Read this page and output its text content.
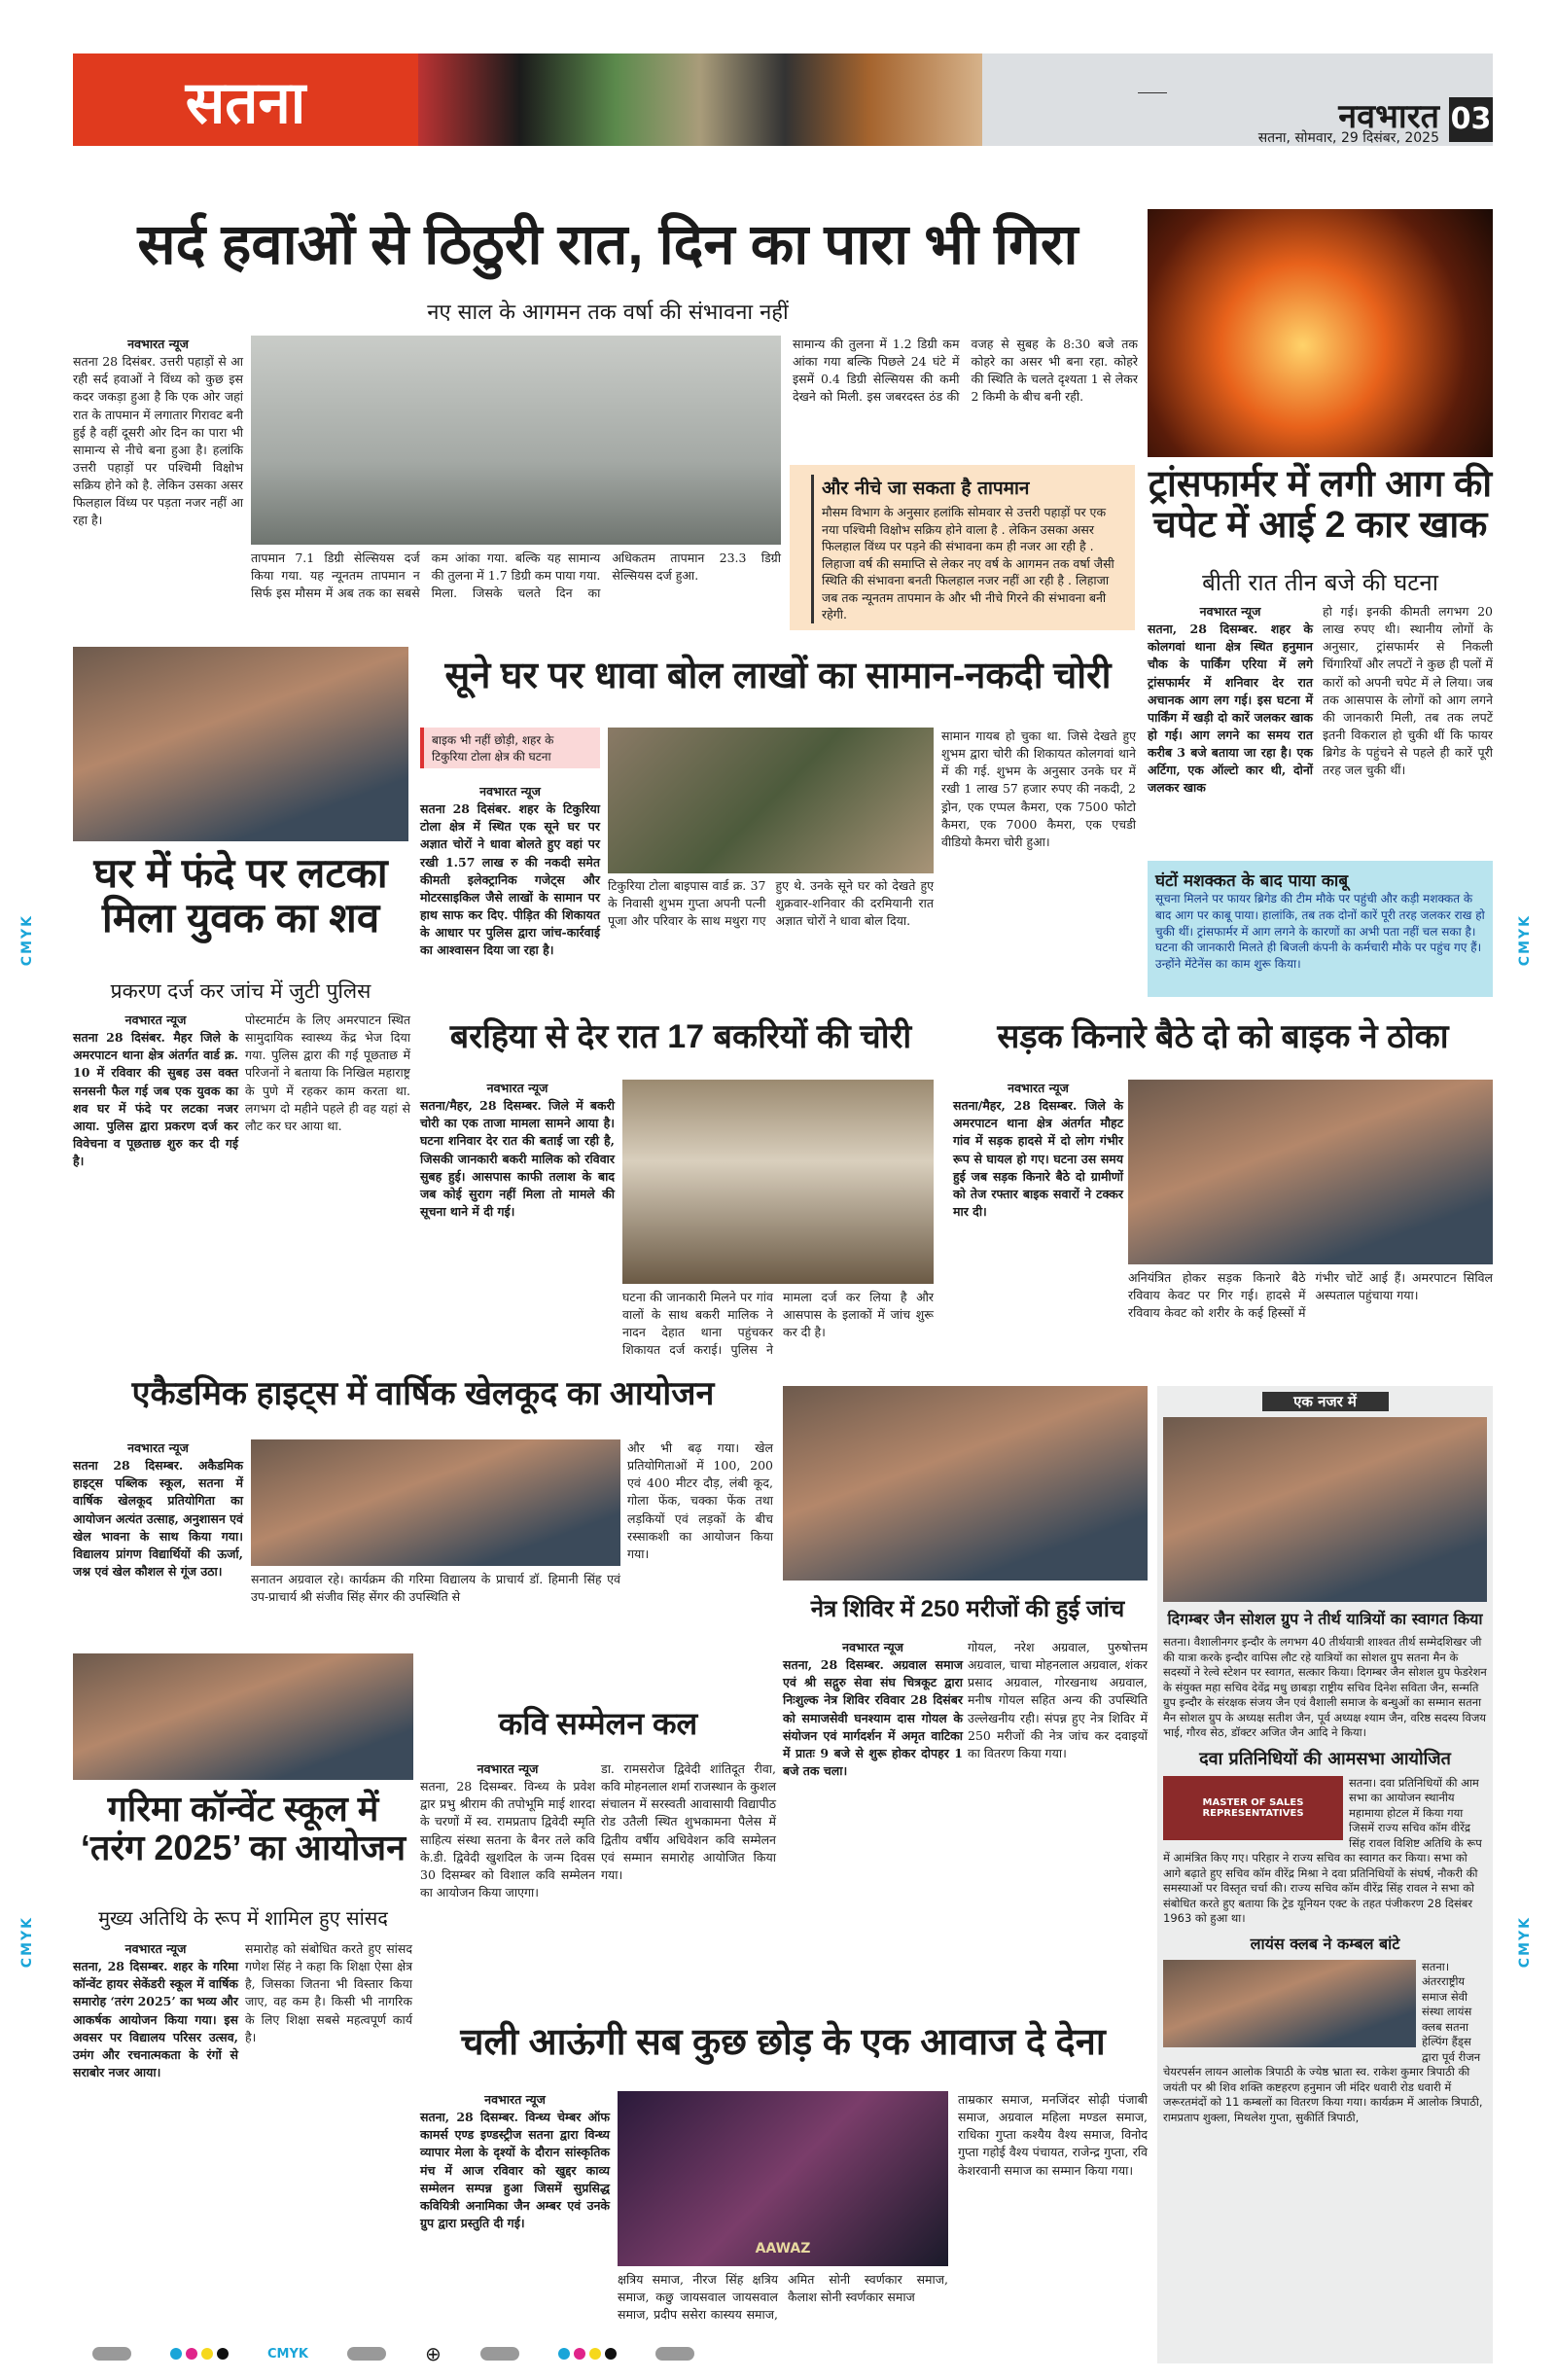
सतना	नवभारत
सतना, सोमवार, 29 दिसंबर, 2025
03
सर्द हवाओं से ठिठुरी रात, दिन का पारा भी गिरा
नए साल के आगमन तक वर्षा की संभावना नहीं
नवभारत न्यूज
सतना 28 दिसंबर. उत्तरी पहाड़ों से आ रही सर्द हवाओं ने विंध्य को कुछ इस कदर जकड़ा हुआ है कि एक ओर जहां रात के तापमान में लगातार गिरावट बनी हुई है वहीं दूसरी ओर दिन का पारा भी सामान्य से नीचे बना हुआ है। हलांकि उत्तरी पहाड़ों पर पश्चिमी विक्षोभ सक्रिय होने को है. लेकिन उसका असर फिलहाल विंध्य पर पड़ता नजर नहीं आ रहा है।
तापमान 7.1 डिग्री सेल्सियस दर्ज किया गया. यह न्यूनतम तापमान न सिर्फ इस मौसम में अब तक का सबसे कम आंका गया. बल्कि यह सामान्य की तुलना में 1.7 डिग्री कम पाया गया. मिला. जिसके चलते दिन का अधिकतम तापमान 23.3 डिग्री सेल्सियस दर्ज हुआ.
सामान्य की तुलना में 1.2 डिग्री कम आंका गया बल्कि पिछले 24 घंटे में इसमें 0.4 डिग्री सेल्सियस की कमी देखने को मिली. इस जबरदस्त ठंड की वजह से सुबह के 8:30 बजे तक कोहरे का असर भी बना रहा. कोहरे की स्थिति के चलते दृश्यता 1 से लेकर 2 किमी के बीच बनी रही.
और नीचे जा सकता है तापमान
मौसम विभाग के अनुसार हलांकि सोमवार से उत्तरी पहाड़ों पर एक नया पश्चिमी विक्षोभ सक्रिय होने वाला है . लेकिन उसका असर फिलहाल विंध्य पर पड़ने की संभावना कम ही नजर आ रही है . लिहाजा वर्ष की समाप्ति से लेकर नए वर्ष के आगमन तक वर्षा जैसी स्थिति की संभावना बनती फिलहाल नजर नहीं आ रही है . लिहाजा जब तक न्यूनतम तापमान के और भी नीचे गिरने की संभावना बनी रहेगी.
ट्रांसफार्मर में लगी आग की चपेट में आई 2 कार खाक
बीती रात तीन बजे की घटना
नवभारत न्यूज
सतना, 28 दिसम्बर. शहर के कोलगवां थाना क्षेत्र स्थित हनुमान चौक के पार्किंग एरिया में लगे ट्रांसफार्मर में शनिवार देर रात अचानक आग लग गई। इस घटना में पार्किंग में खड़ी दो कारें जलकर खाक हो गई। आग लगने का समय रात करीब 3 बजे बताया जा रहा है। एक अर्टिगा, एक ऑल्टो कार थी, दोनों जलकर खाक
हो गई। इनकी कीमती लगभग 20 लाख रुपए थी। स्थानीय लोगों के अनुसार, ट्रांसफार्मर से निकली चिंगारियाँ और लपटों ने कुछ ही पलों में कारों को अपनी चपेट में ले लिया। जब तक आसपास के लोगों को आग लगने की जानकारी मिली, तब तक लपटें इतनी विकराल हो चुकी थीं कि फायर ब्रिगेड के पहुंचने से पहले ही कारें पूरी तरह जल चुकी थीं।
घंटों मशक्कत के बाद पाया काबू
सूचना मिलने पर फायर ब्रिगेड की टीम मौके पर पहुंची और कड़ी मशक्कत के बाद आग पर काबू पाया। हालांकि, तब तक दोनों कारें पूरी तरह जलकर राख हो चुकी थीं। ट्रांसफार्मर में आग लगने के कारणों का अभी पता नहीं चल सका है। घटना की जानकारी मिलते ही बिजली कंपनी के कर्मचारी मौके पर पहुंच गए हैं। उन्होंने मेंटेनेंस का काम शुरू किया।
घर में फंदे पर लटका मिला युवक का शव
प्रकरण दर्ज कर जांच में जुटी पुलिस
नवभारत न्यूज
सतना 28 दिसंबर. मैहर जिले के अमरपाटन थाना क्षेत्र अंतर्गत वार्ड क्र. 10 में रविवार की सुबह उस वक्त सनसनी फैल गई जब एक युवक का शव घर में फंदे पर लटका नजर आया. पुलिस द्वारा प्रकरण दर्ज कर विवेचना व पूछताछ शुरु कर दी गई है।
पोस्टमार्टम के लिए अमरपाटन स्थित सामुदायिक स्वास्थ्य केंद्र भेज दिया गया. पुलिस द्वारा की गई पूछताछ में परिजनों ने बताया कि निखिल महाराष्ट्र के पुणे में रहकर काम करता था. लगभग दो महीने पहले ही वह यहां से लौट कर घर आया था.
सूने घर पर धावा बोल लाखों का सामान-नकदी चोरी
बाइक भी नहीं छोड़ी, शहर के टिकुरिया टोला क्षेत्र की घटना
नवभारत न्यूज
सतना 28 दिसंबर. शहर के टिकुरिया टोला क्षेत्र में स्थित एक सूने घर पर अज्ञात चोरों ने धावा बोलते हुए वहां पर रखी 1.57 लाख रु की नकदी समेत कीमती इलेक्ट्रानिक गजेट्स और मोटरसाइकिल जैसे लाखों के सामान पर हाथ साफ कर दिए. पीड़ित की शिकायत के आधार पर पुलिस द्वारा जांच-कार्रवाई का आश्वासन दिया जा रहा है।
टिकुरिया टोला बाइपास वार्ड क्र. 37 के निवासी शुभम गुप्ता अपनी पत्नी पूजा और परिवार के साथ मथुरा गए हुए थे. उनके सूने घर को देखते हुए शुक्रवार-शनिवार की दरमियानी रात अज्ञात चोरों ने धावा बोल दिया.
सामान गायब हो चुका था. जिसे देखते हुए शुभम द्वारा चोरी की शिकायत कोलगवां थाने में की गई. शुभम के अनुसार उनके घर में रखी 1 लाख 57 हजार रुपए की नकदी, 2 ड्रोन, एक एप्पल कैमरा, एक 7500 फोटो कैमरा, एक 7000 कैमरा, एक एचडी वीडियो कैमरा चोरी हुआ।
बरहिया से देर रात 17 बकरियों की चोरी
नवभारत न्यूज
सतना/मैहर, 28 दिसम्बर. जिले में बकरी चोरी का एक ताजा मामला सामने आया है। घटना शनिवार देर रात की बताई जा रही है, जिसकी जानकारी बकरी मालिक को रविवार सुबह हुई। आसपास काफी तलाश के बाद जब कोई सुराग नहीं मिला तो मामले की सूचना थाने में दी गई।
घटना की जानकारी मिलने पर गांव वालों के साथ बकरी मालिक ने नादन देहात थाना पहुंचकर शिकायत दर्ज कराई। पुलिस ने मामला दर्ज कर लिया है और आसपास के इलाकों में जांच शुरू कर दी है।
सड़क किनारे बैठे दो को बाइक ने ठोका
नवभारत न्यूज
सतना/मैहर, 28 दिसम्बर. जिले के अमरपाटन थाना क्षेत्र अंतर्गत मौहट गांव में सड़क हादसे में दो लोग गंभीर रूप से घायल हो गए। घटना उस समय हुई जब सड़क किनारे बैठे दो ग्रामीणों को तेज रफ्तार बाइक सवारों ने टक्कर मार दी।
अनियंत्रित होकर सड़क किनारे बैठे रविवाय केवट पर गिर गई। हादसे में रविवाय केवट को शरीर के कई हिस्सों में गंभीर चोटें आई हैं। अमरपाटन सिविल अस्पताल पहुंचाया गया।
एकैडमिक हाइट्स में वार्षिक खेलकूद का आयोजन
नवभारत न्यूज
सतना 28 दिसम्बर. अकैडमिक हाइट्स पब्लिक स्कूल, सतना में वार्षिक खेलकूद प्रतियोगिता का आयोजन अत्यंत उत्साह, अनुशासन एवं खेल भावना के साथ किया गया। विद्यालय प्रांगण विद्यार्थियों की ऊर्जा, जश्न एवं खेल कौशल से गूंज उठा।
सनातन अग्रवाल रहे। कार्यक्रम की गरिमा विद्यालय के प्राचार्य डॉ. हिमानी सिंह एवं उप-प्राचार्य श्री संजीव सिंह सेंगर की उपस्थिति से
और भी बढ़ गया। खेल प्रतियोगिताओं में 100, 200 एवं 400 मीटर दौड़, लंबी कूद, गोला फेंक, चक्का फेंक तथा लड़कियों एवं लड़कों के बीच रस्साकशी का आयोजन किया गया।
नेत्र शिविर में 250 मरीजों की हुई जांच
नवभारत न्यूज
सतना, 28 दिसम्बर. अग्रवाल समाज एवं श्री सद्गुरु सेवा संघ चित्रकूट द्वारा निःशुल्क नेत्र शिविर रविवार 28 दिसंबर को समाजसेवी घनश्याम दास गोयल के संयोजन एवं मार्गदर्शन में अमृत वाटिका में प्रातः 9 बजे से शुरू होकर दोपहर 1 बजे तक चला।
गोयल, नरेश अग्रवाल, पुरुषोत्तम अग्रवाल, चाचा मोहनलाल अग्रवाल, शंकर प्रसाद अग्रवाल, गोरखनाथ अग्रवाल, मनीष गोयल सहित अन्य की उपस्थिति उल्लेखनीय रही। संपन्न हुए नेत्र शिविर में 250 मरीजों की नेत्र जांच कर दवाइयों का वितरण किया गया।
एक नजर में
दिगम्बर जैन सोशल ग्रुप ने तीर्थ यात्रियों का स्वागत किया
सतना। वैशालीनगर इन्दौर के लगभग 40 तीर्थयात्री शाश्वत तीर्थ सम्मेदशिखर जी की यात्रा करके इन्दौर वापिस लौट रहे यात्रियों का सोशल ग्रुप सतना मैन के सदस्यों ने रेल्वे स्टेशन पर स्वागत, सत्कार किया। दिगम्बर जैन सोशल ग्रुप फेडरेशन के संयुक्त महा सचिव देवेंद्र मधु छाबड़ा राष्ट्रीय सचिव दिनेश सविता जैन, सन्मति ग्रुप इन्दौर के संरक्षक संजय जैन एवं वैशाली समाज के बन्धुओं का सम्मान सतना मैन सोशल ग्रुप के अध्यक्ष सतीश जैन, पूर्व अध्यक्ष श्याम जैन, वरिष्ठ सदस्य विजय भाई, गौरव सेठ, डॉक्टर अजित जैन आदि ने किया।
दवा प्रतिनिधियों की आमसभा आयोजित
MASTER OF SALES REPRESENTATIVES
सतना। दवा प्रतिनिधियों की आम सभा का आयोजन स्थानीय महामाया होटल में किया गया जिसमें राज्य सचिव कॉम वीरेंद्र सिंह रावल विशिष्ट अतिथि के रूप में आमंत्रित किए गए। परिहार ने राज्य सचिव का स्वागत कर किया। सभा को आगे बढ़ाते हुए सचिव कॉम वीरेंद्र मिश्रा ने दवा प्रतिनिधियों के संघर्ष, नौकरी की समस्याओं पर विस्तृत चर्चा की। राज्य सचिव कॉम वीरेंद्र सिंह रावल ने सभा को संबोधित करते हुए बताया कि ट्रेड यूनियन एक्ट के तहत पंजीकरण 28 दिसंबर 1963 को हुआ था।
लायंस क्लब ने कम्बल बांटे
सतना। अंतरराष्ट्रीय समाज सेवी संस्था लायंस क्लब सतना हेल्पिंग हैंड्स द्वारा पूर्व रीजन चेयरपर्सन लायन आलोक त्रिपाठी के ज्येष्ठ भ्राता स्व. राकेश कुमार त्रिपाठी की जयंती पर श्री शिव शक्ति कष्टहरण हनुमान जी मंदिर धवारी रोड धवारी में जरूरतमंदों को 11 कम्बलों का वितरण किया गया। कार्यक्रम में आलोक त्रिपाठी, रामप्रताप शुक्ला, मिथलेश गुप्ता, सुकीर्ति त्रिपाठी,
गरिमा कॉन्वेंट स्कूल में ‘तरंग 2025’ का आयोजन
मुख्य अतिथि के रूप में शामिल हुए सांसद
नवभारत न्यूज
सतना, 28 दिसम्बर. शहर के गरिमा कॉन्वेंट हायर सेकेंडरी स्कूल में वार्षिक समारोह ‘तरंग 2025’ का भव्य और आकर्षक आयोजन किया गया। इस अवसर पर विद्यालय परिसर उत्सव, उमंग और रचनात्मकता के रंगों से सराबोर नजर आया।
समारोह को संबोधित करते हुए सांसद गणेश सिंह ने कहा कि शिक्षा ऐसा क्षेत्र है, जिसका जितना भी विस्तार किया जाए, वह कम है। किसी भी नागरिक के लिए शिक्षा सबसे महत्वपूर्ण कार्य है।
कवि सम्मेलन कल
नवभारत न्यूज
सतना, 28 दिसम्बर. विन्ध्य के प्रवेश द्वार प्रभु श्रीराम की तपोभूमि माई शारदा के चरणों में स्व. रामप्रताप द्विवेदी स्मृति साहित्य संस्था सतना के बैनर तले कवि के.डी. द्विवेदी खुशदिल के जन्म दिवस 30 दिसम्बर को विशाल कवि सम्मेलन का आयोजन किया जाएगा।
डा. रामसरोज द्विवेदी शांतिदूत रीवा, कवि मोहनलाल शर्मा राजस्थान के कुशल संचालन में सरस्वती आवासायी विद्यापीठ रोड उतैली स्थित शुभकामना पैलेस में द्वितीय वर्षीय अधिवेशन कवि सम्मेलन एवं सम्मान समारोह आयोजित किया गया।
चली आऊंगी सब कुछ छोड़ के एक आवाज दे देना
नवभारत न्यूज
सतना, 28 दिसम्बर. विन्ध्य चेम्बर ऑफ कामर्स एण्ड इण्डस्ट्रीज सतना द्वारा विन्ध्य व्यापार मेला के दृश्यों के दौरान सांस्कृतिक मंच में आज रविवार को खुद्दर काव्य सम्मेलन सम्पन्न हुआ जिसमें सुप्रसिद्ध कवियित्री अनामिका जैन अम्बर एवं उनके ग्रुप द्वारा प्रस्तुति दी गई।
AAWAZ
क्षत्रिय समाज, नीरज सिंह क्षत्रिय समाज, कछु जायसवाल जायसवाल समाज, प्रदीप ससेरा कास्यय समाज, अमित सोनी स्वर्णकार समाज, कैलाश सोनी स्वर्णकार समाज
ताम्रकार समाज, मनजिंदर सोढ़ी पंजाबी समाज, अग्रवाल महिला मण्डल समाज, राधिका गुप्ता कश्यैय वैश्य समाज, विनोद गुप्ता गहोई वैश्य पंचायत, राजेन्द्र गुप्ता, रवि केशरवानी समाज का सम्मान किया गया।
CMYK
CMYK
CMYK
CMYK
CMYK	⊕
